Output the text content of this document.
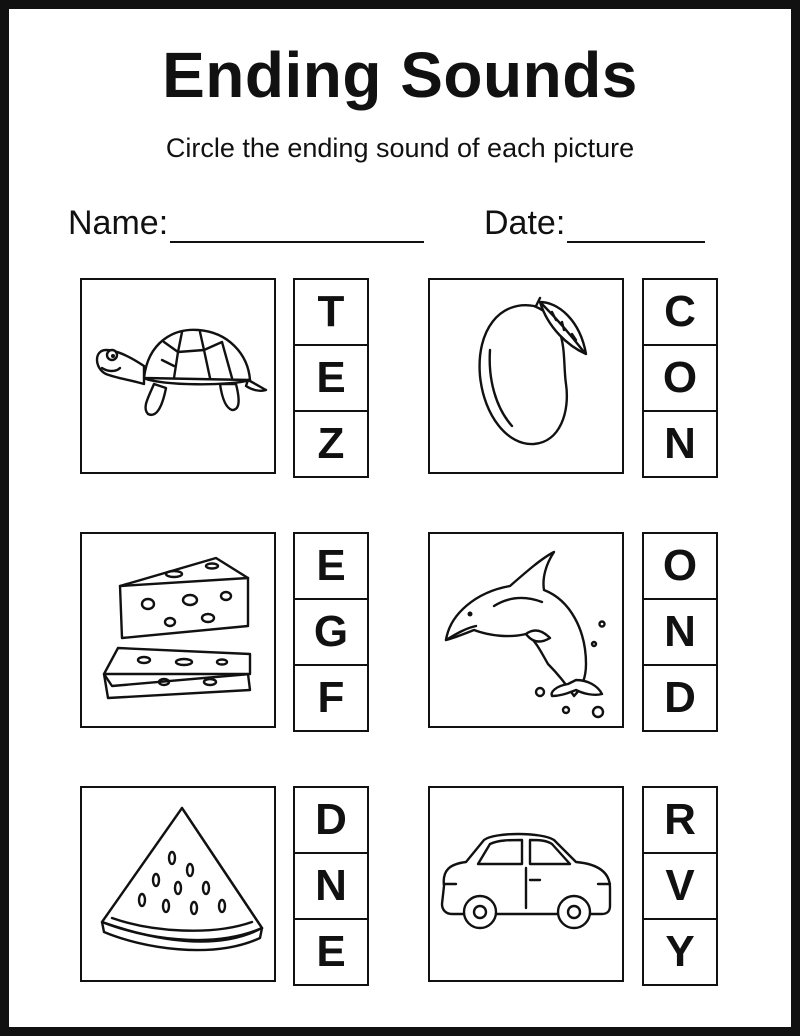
Ending Sounds

Circle the ending sound of each picture

Name:	Date:
T
E
Z
C
O
N
E
G
F
O
N
D
D
N
E
R
V
Y
